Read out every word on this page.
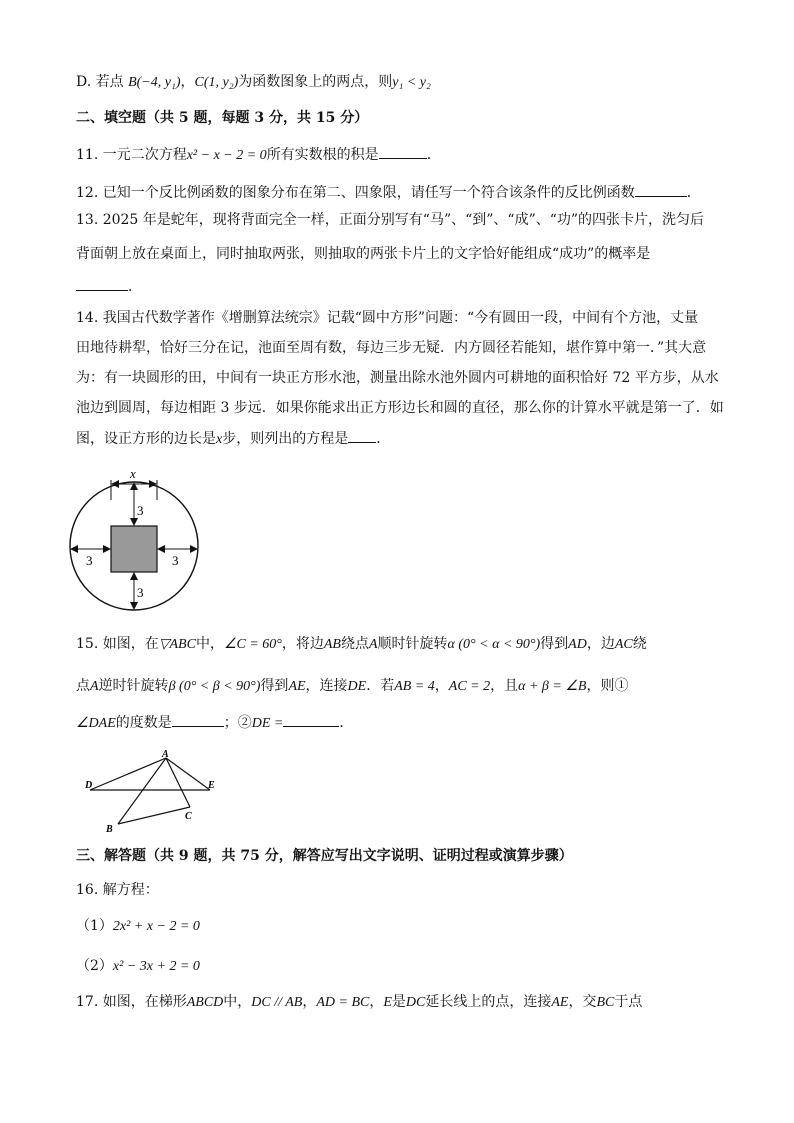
D. 若点 B(−4, y₁)，C(1, y₂)为函数图象上的两点，则y₁ < y₂
二、填空题（共 5 题，每题 3 分，共 15 分）
11. 一元二次方程x² − x − 2 = 0所有实数根的积是	．
12. 已知一个反比例函数的图象分布在第二、四象限，请任写一个符合该条件的反比例函数	．
13. 2025 年是蛇年，现将背面完全一样，正面分别写有“马”、“到”、“成”、“功”的四张卡片，洗匀后
背面朝上放在桌面上，同时抽取两张，则抽取的两张卡片上的文字恰好能组成“成功”的概率是
．
14. 我国古代数学著作《增删算法统宗》记载“圆中方形”问题：“今有圆田一段，中间有个方池，丈量
田地待耕犁，恰好三分在记，池面至周有数，每边三步无疑．内方圆径若能知，堪作算中第一．”其大意
为：有一块圆形的田，中间有一块正方形水池，测量出除水池外圆内可耕地的面积恰好 72 平方步，从水
池边到圆周，每边相距 3 步远．如果你能求出正方形边长和圆的直径，那么你的计算水平就是第一了．如
图，设正方形的边长是x步，则列出的方程是 ．
x
3
3
3	3
15. 如图，在▽ABC中，∠C = 60°，将边AB绕点A顺时针旋转α (0° < α < 90°)得到AD，边AC绕
点A逆时针旋转β (0° < β < 90°)得到AE，连接DE．若AB = 4，AC = 2，且α + β = ∠B，则①
∠DAE的度数是	；②DE =	．
A
D	E
B
C
三、解答题（共 9 题，共 75 分，解答应写出文字说明、证明过程或演算步骤）
16. 解方程：
（1）2x² + x − 2 = 0
（2）x² − 3x + 2 = 0
17. 如图，在梯形ABCD中，DC // AB，AD = BC，E是DC延长线上的点，连接AE，交BC于点
